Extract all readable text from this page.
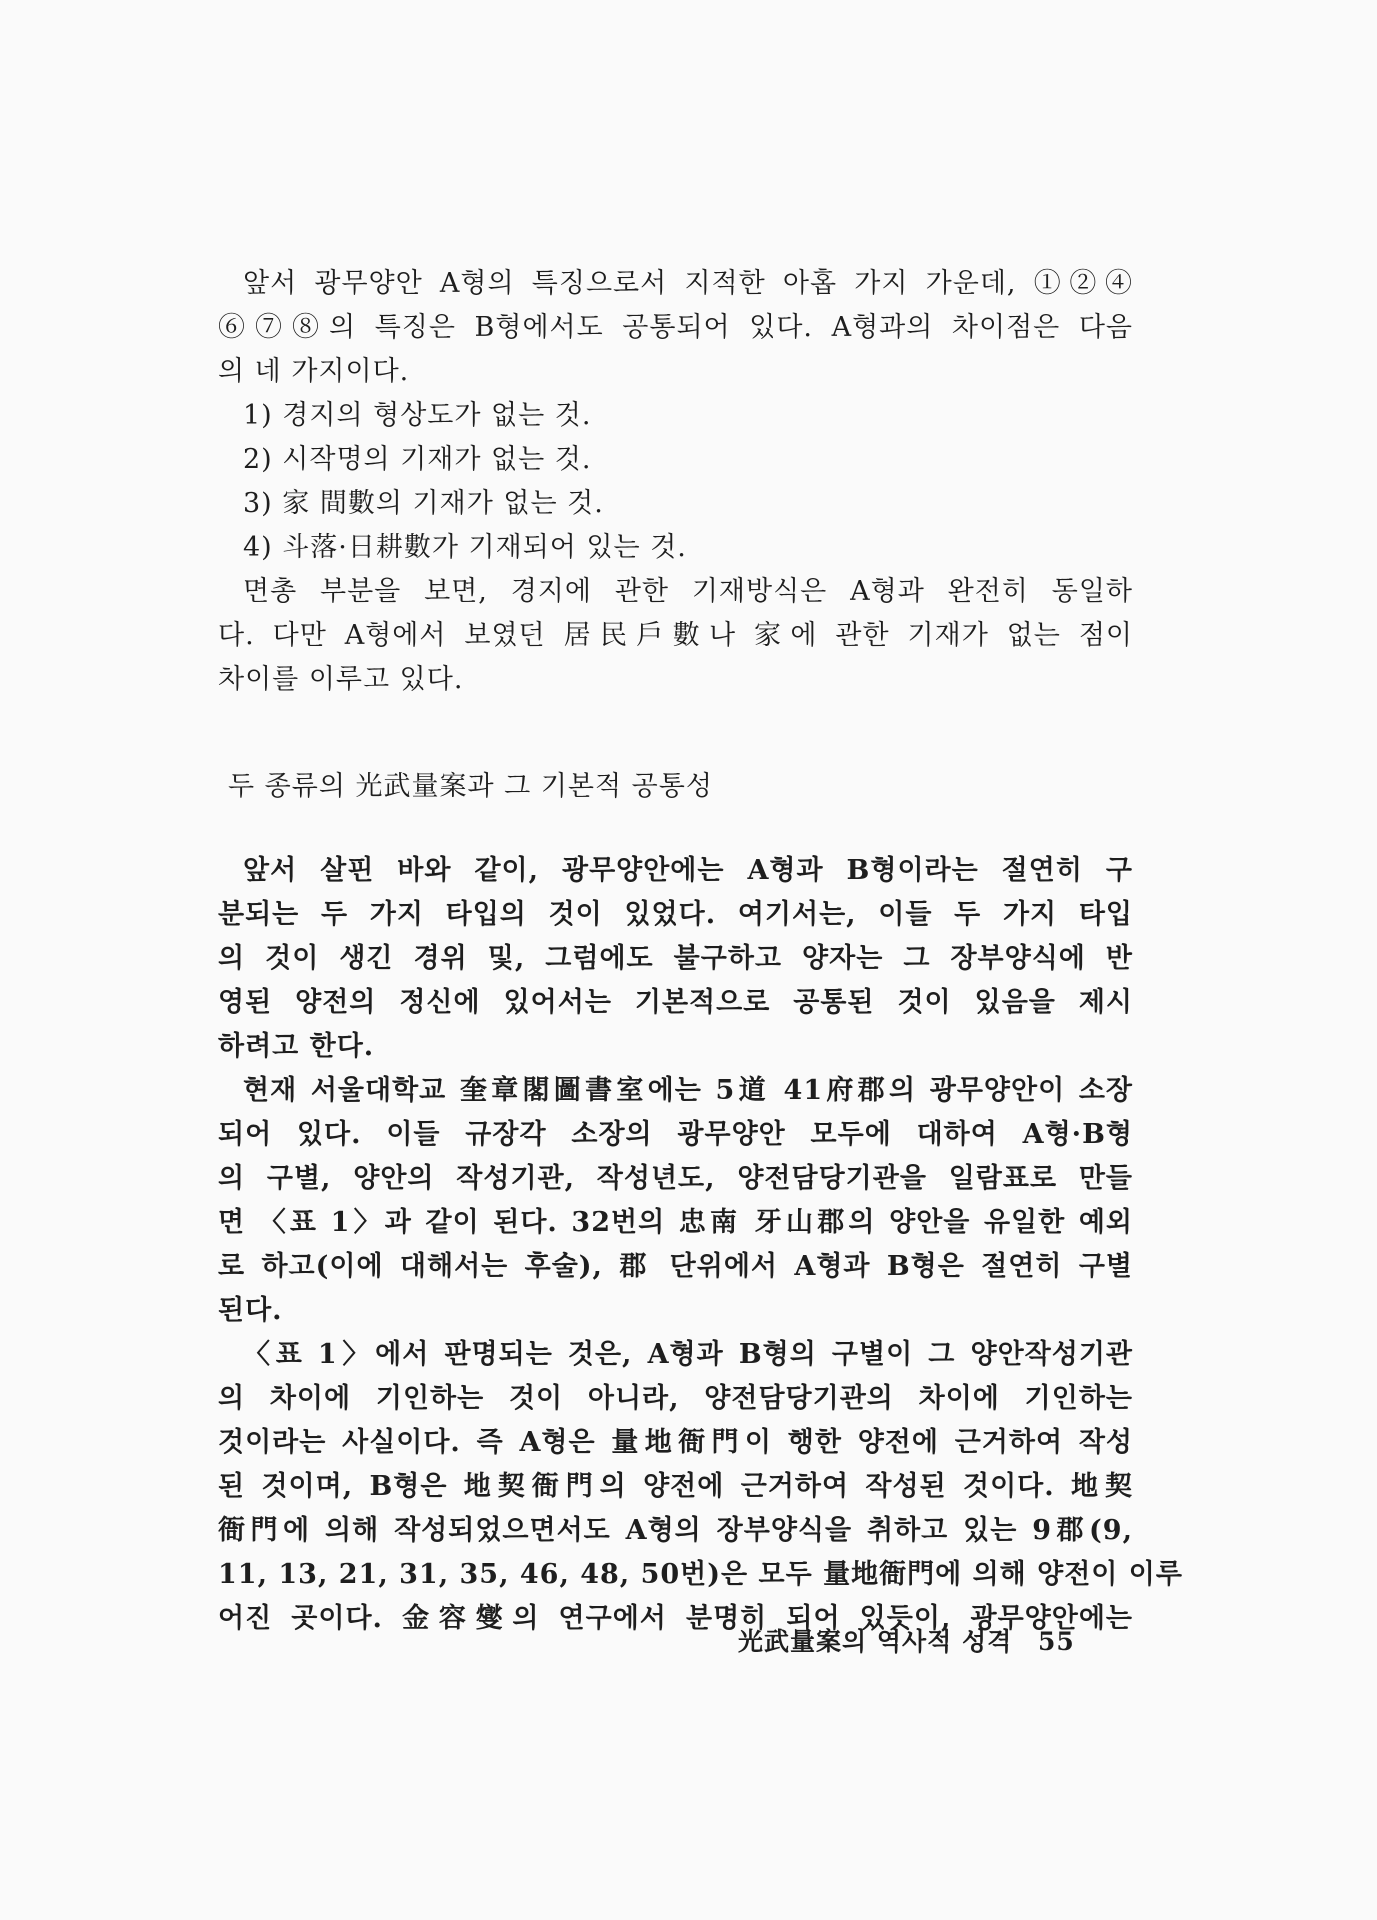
앞서 광무양안 A형의 특징으로서 지적한 아홉 가지 가운데, ①②④
⑥⑦⑧의 특징은 B형에서도 공통되어 있다. A형과의 차이점은 다음
의 네 가지이다.
1) 경지의 형상도가 없는 것.
2) 시작명의 기재가 없는 것.
3) 家 間數의 기재가 없는 것.
4) 斗落·日耕數가 기재되어 있는 것.
면총 부분을 보면, 경지에 관한 기재방식은 A형과 완전히 동일하
다. 다만 A형에서 보였던 居民戶數나 家에 관한 기재가 없는 점이
차이를 이루고 있다.
두 종류의 光武量案과 그 기본적 공통성
앞서 살핀 바와 같이, 광무양안에는 A형과 B형이라는 절연히 구
분되는 두 가지 타입의 것이 있었다. 여기서는, 이들 두 가지 타입
의 것이 생긴 경위 및, 그럼에도 불구하고 양자는 그 장부양식에 반
영된 양전의 정신에 있어서는 기본적으로 공통된 것이 있음을 제시
하려고 한다.
현재 서울대학교 奎章閣圖書室에는 5道 41府郡의 광무양안이 소장
되어 있다. 이들 규장각 소장의 광무양안 모두에 대하여 A형·B형
의 구별, 양안의 작성기관, 작성년도, 양전담당기관을 일람표로 만들
면 〈표 1〉과 같이 된다. 32번의 忠南 牙山郡의 양안을 유일한 예외
로 하고(이에 대해서는 후술), 郡 단위에서 A형과 B형은 절연히 구별
된다.
〈표 1〉에서 판명되는 것은, A형과 B형의 구별이 그 양안작성기관
의 차이에 기인하는 것이 아니라, 양전담당기관의 차이에 기인하는
것이라는 사실이다. 즉 A형은 量地衙門이 행한 양전에 근거하여 작성
된 것이며, B형은 地契衙門의 양전에 근거하여 작성된 것이다. 地契
衙門에 의해 작성되었으면서도 A형의 장부양식을 취하고 있는 9郡(9,
11, 13, 21, 31, 35, 46, 48, 50번)은 모두 量地衙門에 의해 양전이 이루
어진 곳이다. 金容燮의 연구에서 분명히 되어 있듯이, 광무양안에는
光武量案의 역사적 성격 55
